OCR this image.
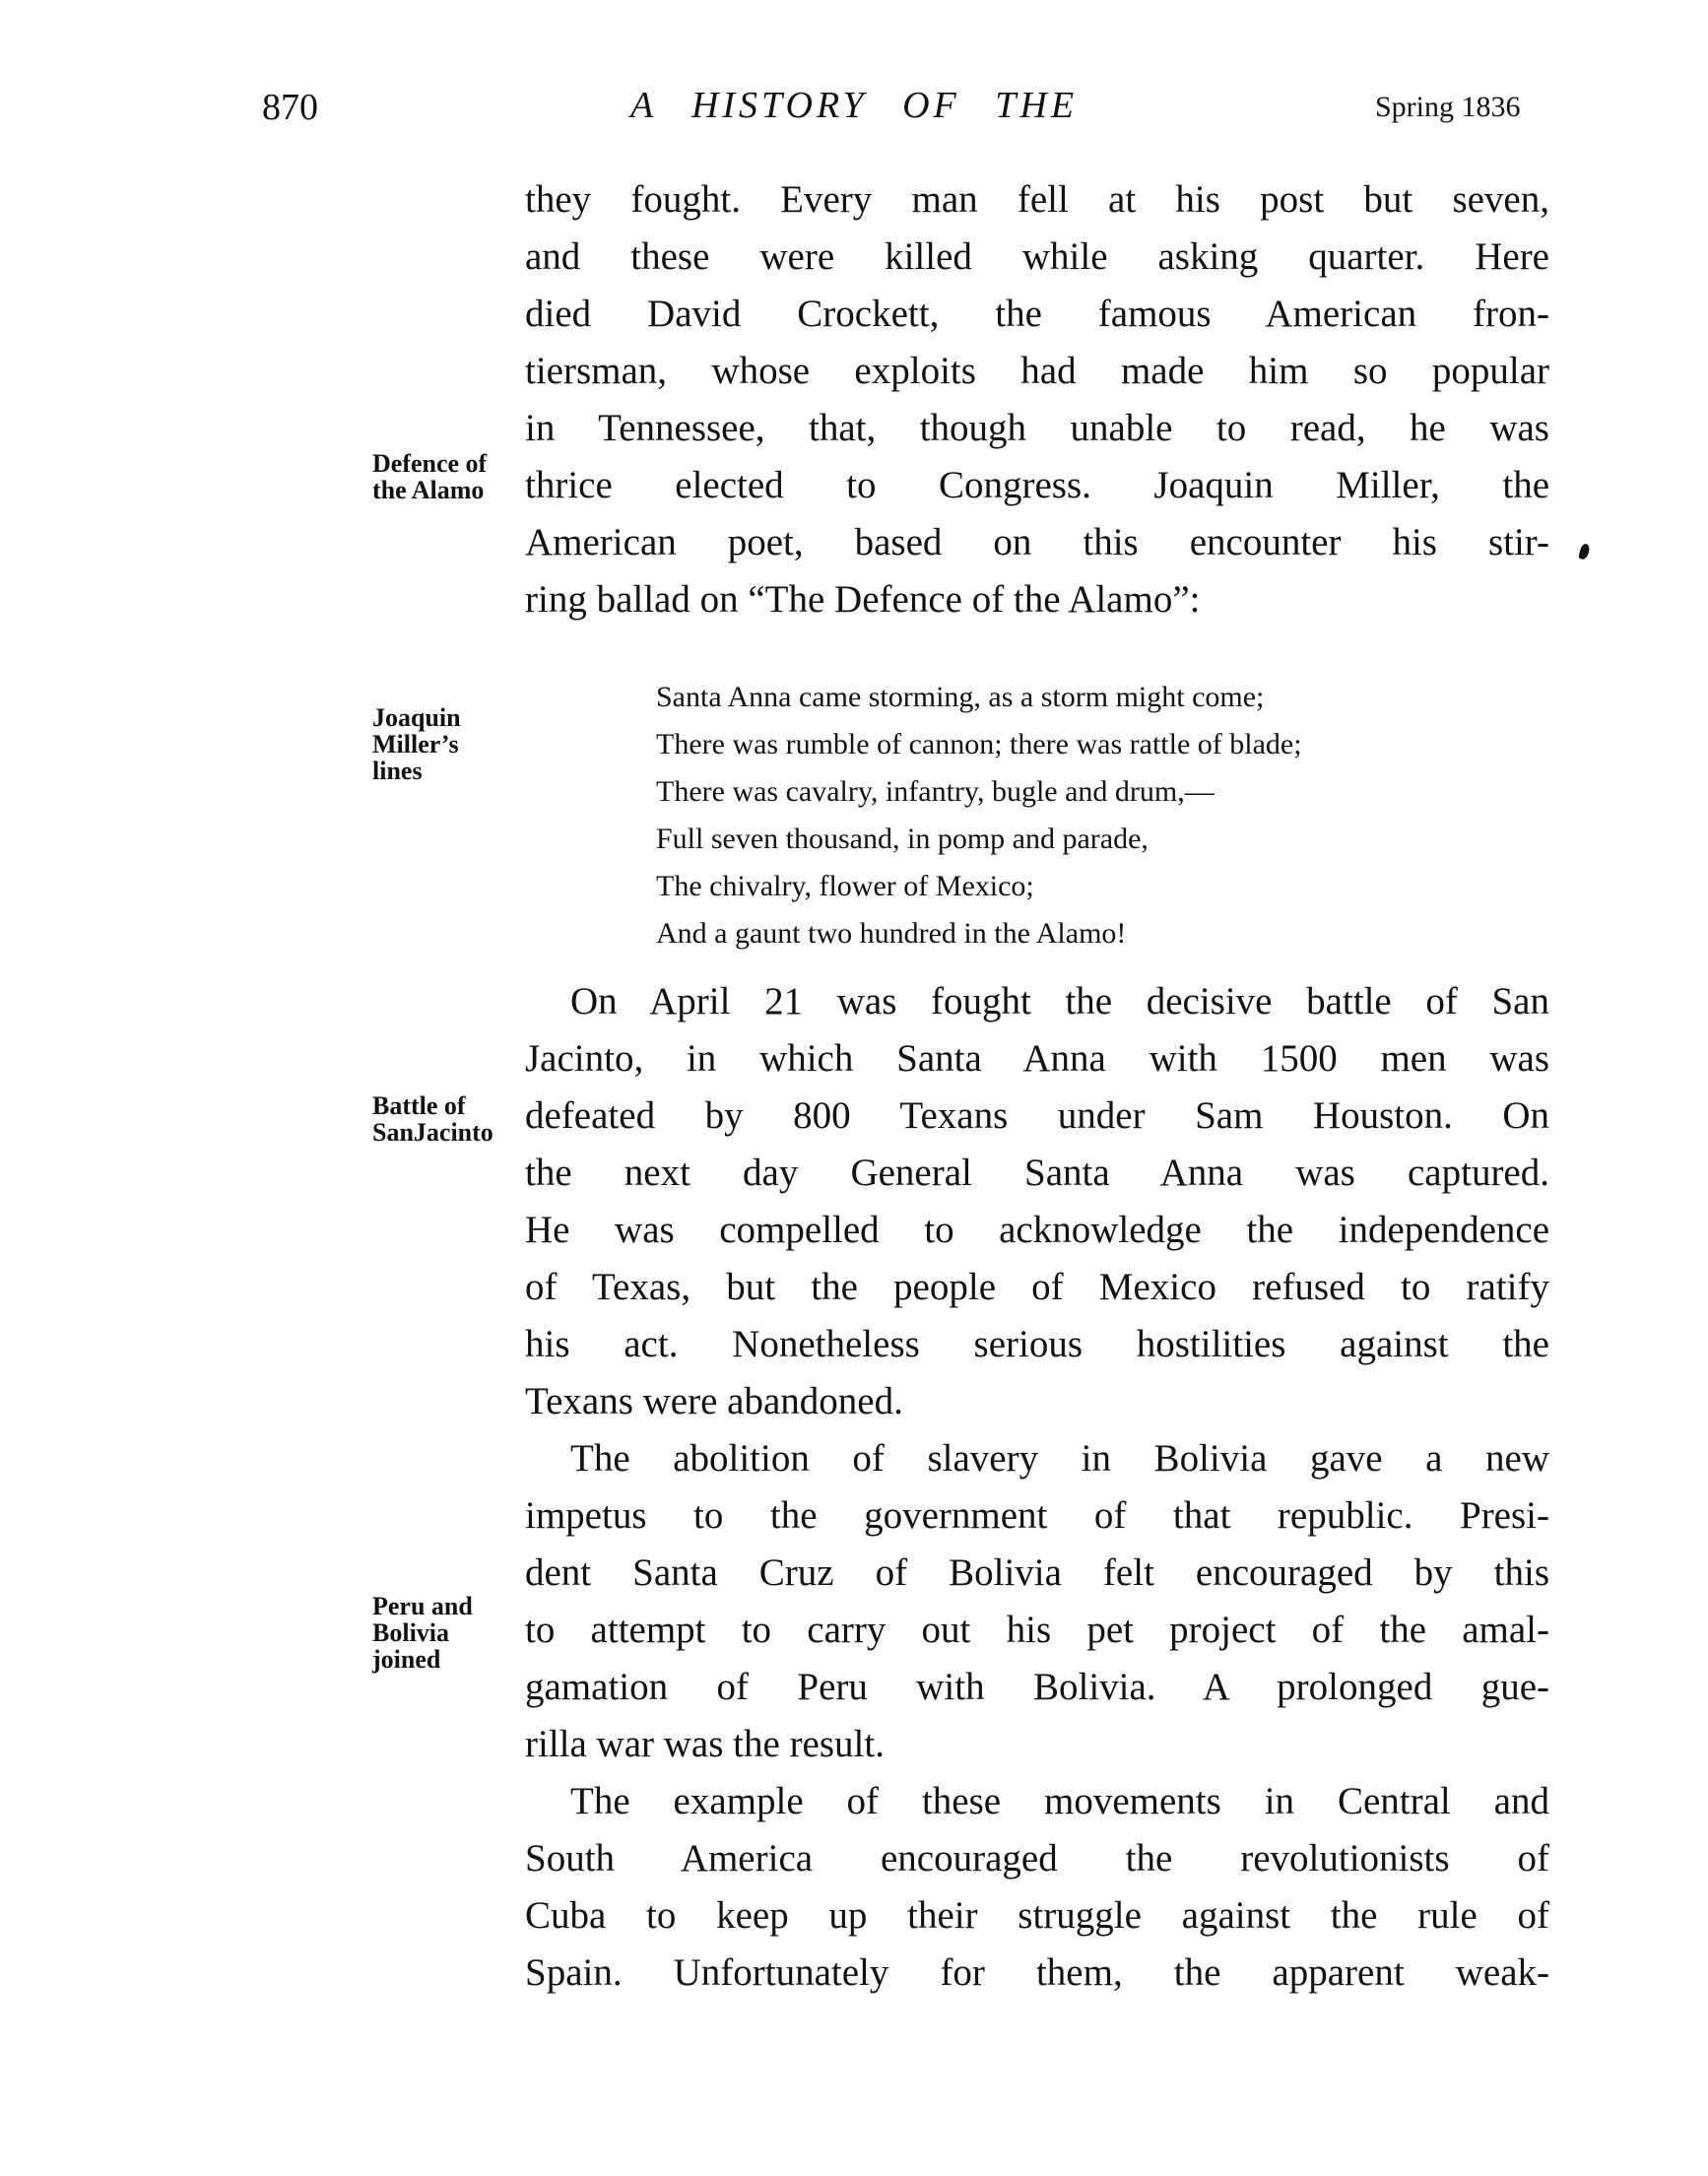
870	A HISTORY OF THE	Spring 1836
Defence of
the Alamo
Joaquin
Miller’s
lines
Battle of
SanJacinto
Peru and
Bolivia
joined
they fought. Every man fell at his post but seven,
and these were killed while asking quarter. Here
died David Crockett, the famous American fron-
tiersman, whose exploits had made him so popular
in Tennessee, that, though unable to read, he was
thrice elected to Congress. Joaquin Miller, the
American poet, based on this encounter his stir-
ring ballad on “The Defence of the Alamo”:
Santa Anna came storming, as a storm might come;
There was rumble of cannon; there was rattle of blade;
There was cavalry, infantry, bugle and drum,—
Full seven thousand, in pomp and parade,
The chivalry, flower of Mexico;
And a gaunt two hundred in the Alamo!
On April 21 was fought the decisive battle of San
Jacinto, in which Santa Anna with 1500 men was
defeated by 800 Texans under Sam Houston. On
the next day General Santa Anna was captured.
He was compelled to acknowledge the independence
of Texas, but the people of Mexico refused to ratify
his act. Nonetheless serious hostilities against the
Texans were abandoned.
The abolition of slavery in Bolivia gave a new
impetus to the government of that republic. Presi-
dent Santa Cruz of Bolivia felt encouraged by this
to attempt to carry out his pet project of the amal-
gamation of Peru with Bolivia. A prolonged gue-
rilla war was the result.
The example of these movements in Central and
South America encouraged the revolutionists of
Cuba to keep up their struggle against the rule of
Spain. Unfortunately for them, the apparent weak-
